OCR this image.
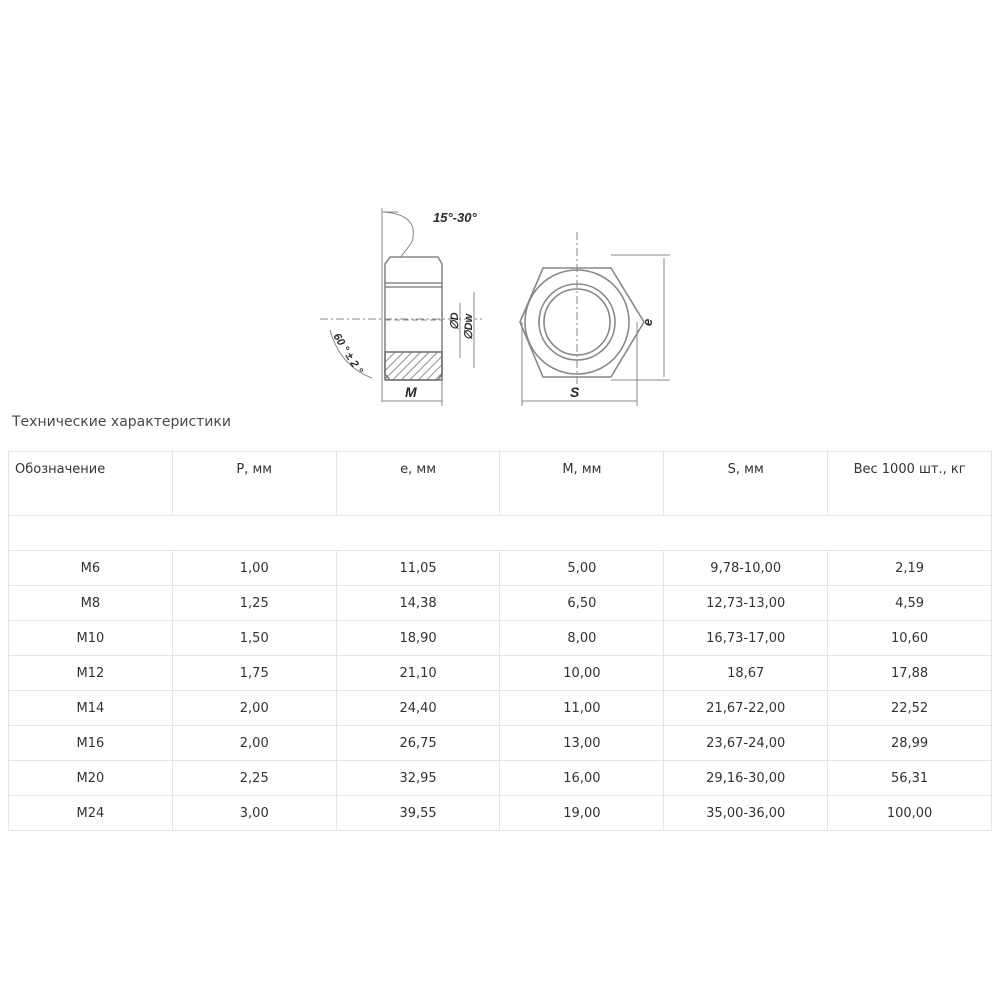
15°-30°
60 ° ± 2 °
∅D ∅Dw
M	S
e
Технические характеристики
Обозначение	P, мм	e, мм	M, мм	S, мм	Вес 1000 шт., кг

M6	1,00	11,05	5,00	9,78-10,00	2,19
M8	1,25	14,38	6,50	12,73-13,00	4,59
M10	1,50	18,90	8,00	16,73-17,00	10,60
M12	1,75	21,10	10,00	18,67	17,88
M14	2,00	24,40	11,00	21,67-22,00	22,52
M16	2,00	26,75	13,00	23,67-24,00	28,99
M20	2,25	32,95	16,00	29,16-30,00	56,31
M24	3,00	39,55	19,00	35,00-36,00	100,00
